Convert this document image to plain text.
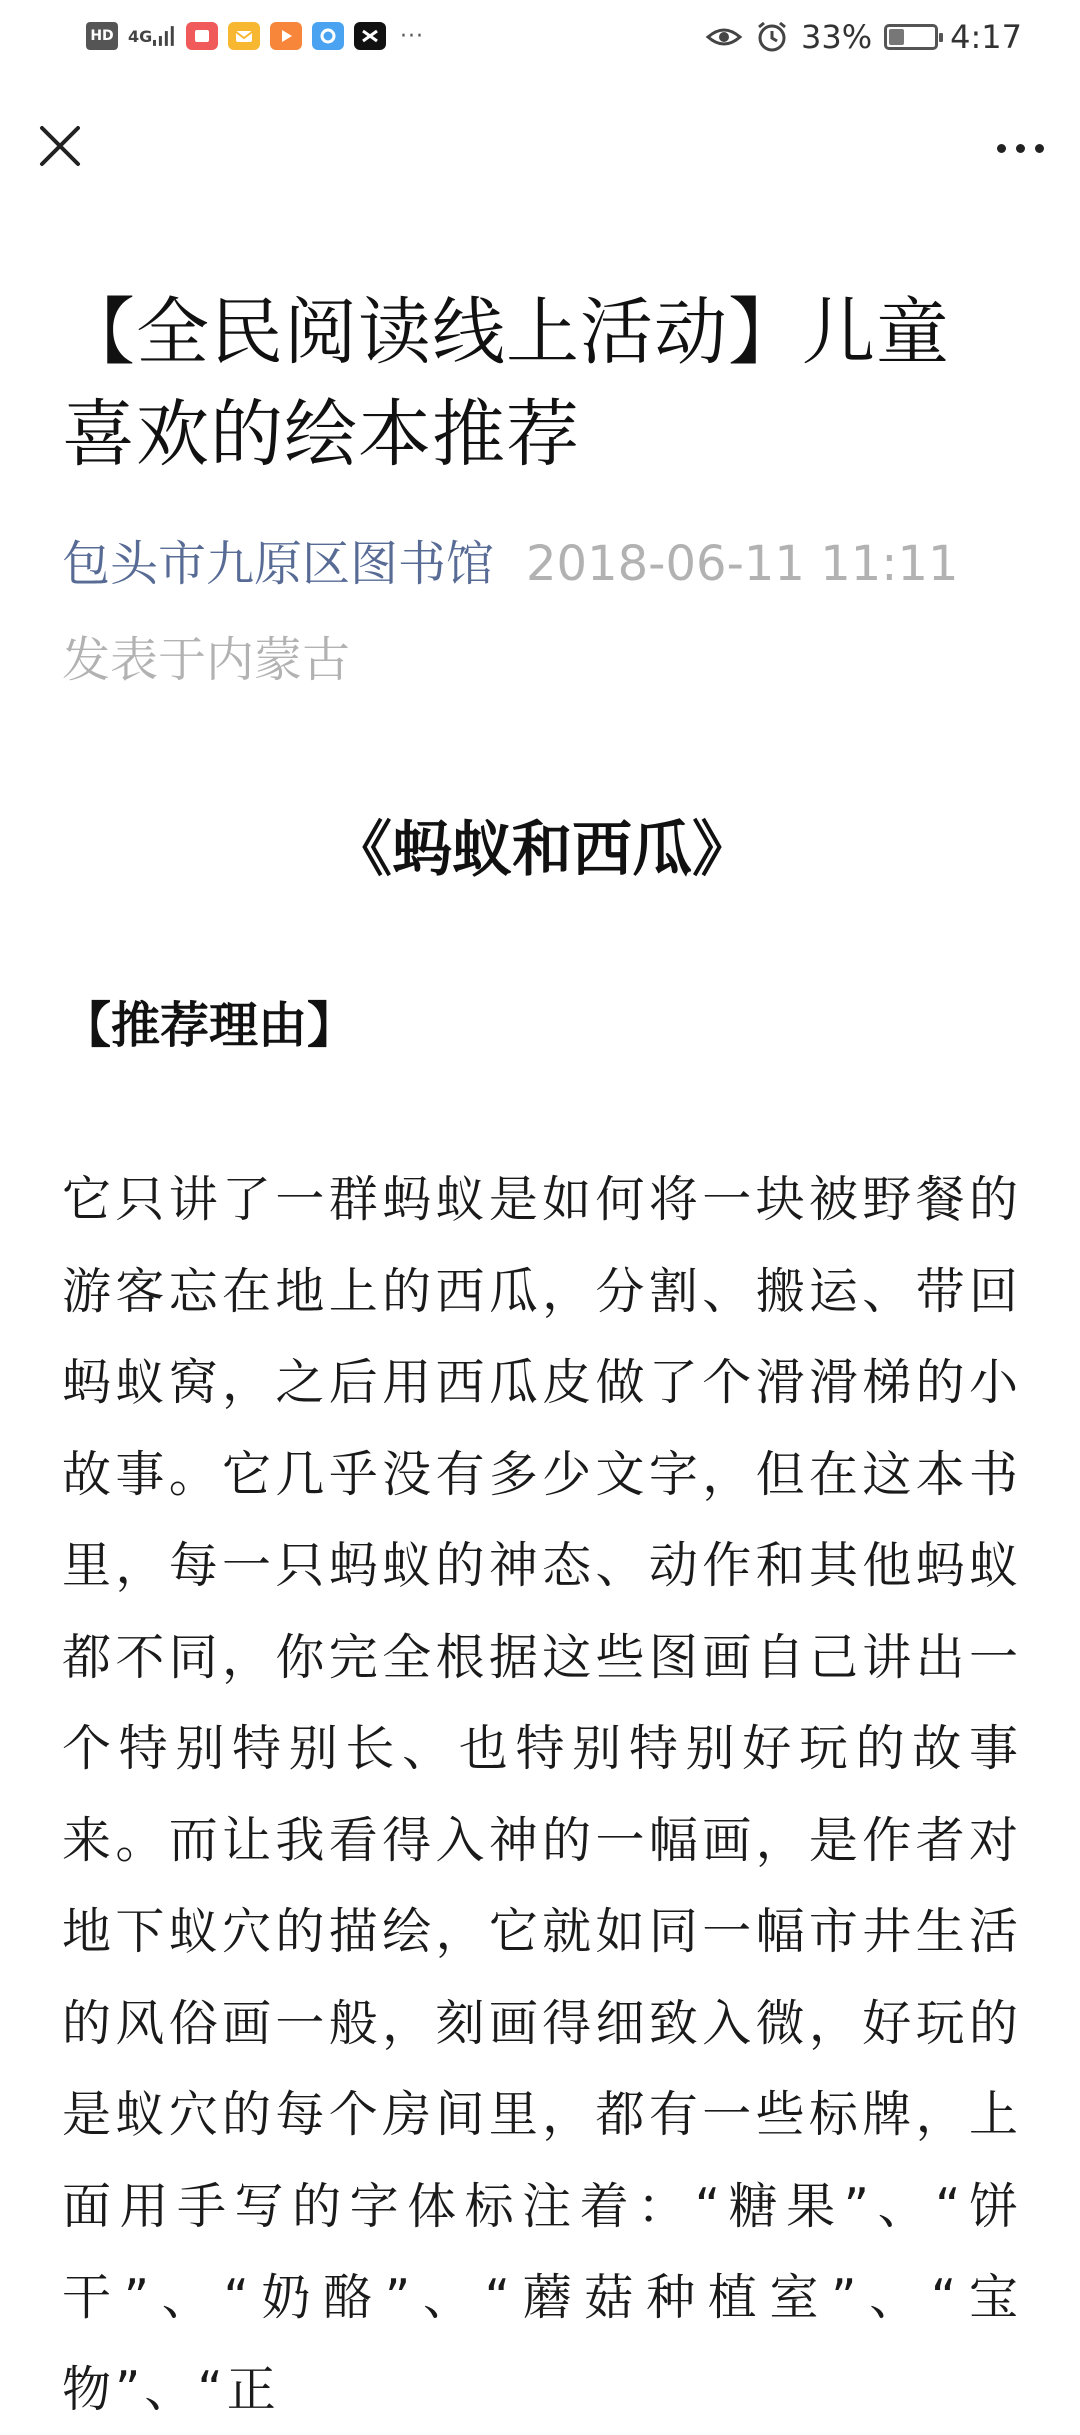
HD 4G	···	33% 4:17
【全民阅读线上活动】儿童喜欢的绘本推荐
包头市九原区图书馆 2018-06-11 11:11
发表于内蒙古
《蚂蚁和西瓜》
【推荐理由】
它只讲了一群蚂蚁是如何将一块被野餐的游客忘在地上的西瓜，分割、搬运、带回蚂蚁窝，之后用西瓜皮做了个滑滑梯的小故事。它几乎没有多少文字，但在这本书里，每一只蚂蚁的神态、动作和其他蚂蚁都不同，你完全根据这些图画自己讲出一个特别特别长、也特别特别好玩的故事来。而让我看得入神的一幅画，是作者对地下蚁穴的描绘，它就如同一幅市井生活的风俗画一般，刻画得细致入微，好玩的是蚁穴的每个房间里，都有一些标牌，上面用手写的字体标注着：“糖果”、“饼干”、“奶酪”、“蘑菇种植室”、“宝物”、“正
